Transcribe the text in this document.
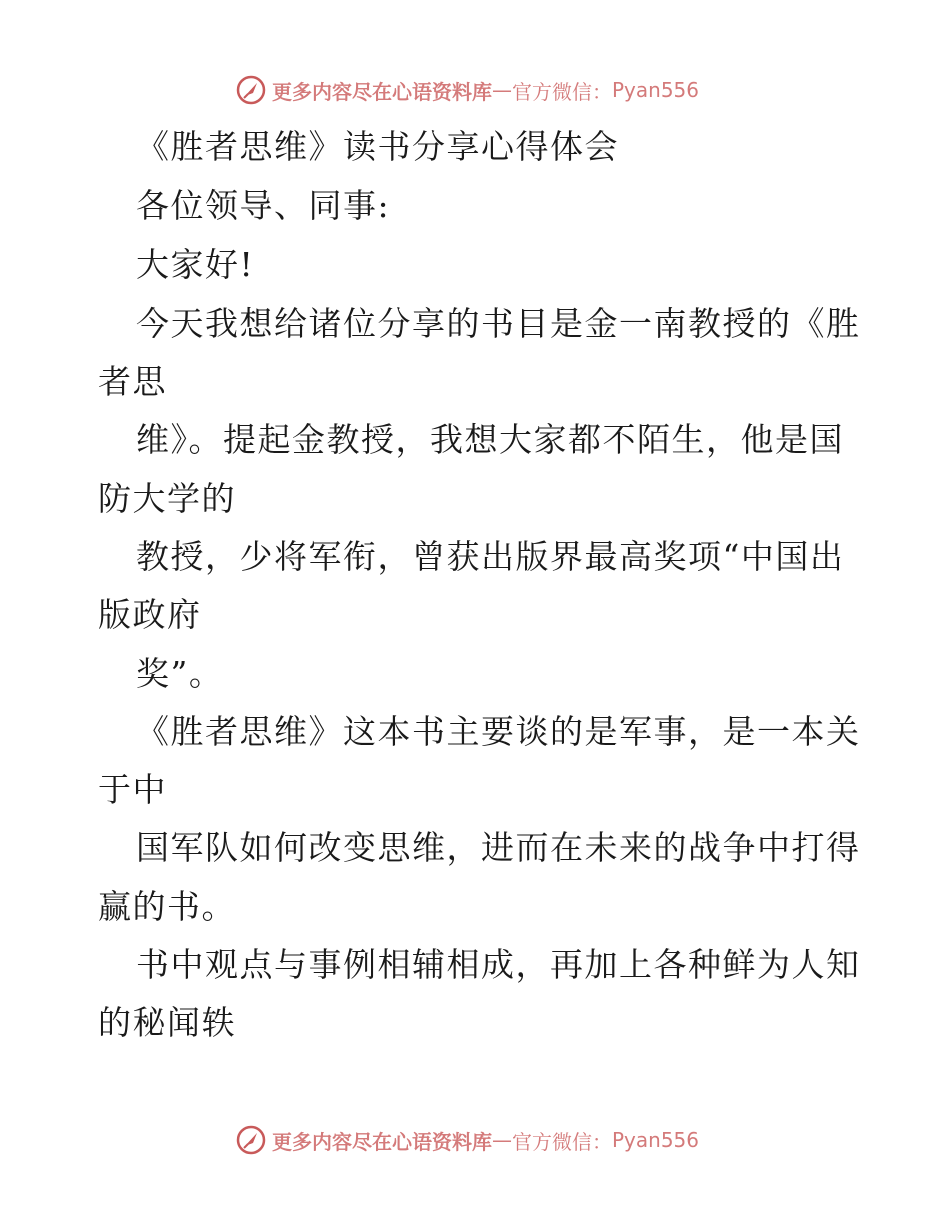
更多内容尽在心语资料库 — 官方微信： Pyan556
《胜者思维》读书分享心得体会
各位领导、同事:
大家好!
今天我想给诸位分享的书目是金一南教授的《胜
者思
维》。提起金教授，我想大家都不陌生，他是国
防大学的
教授，少将军衔，曾获出版界最高奖项“中国出
版政府
奖”。
《胜者思维》这本书主要谈的是军事，是一本关
于中
国军队如何改变思维，进而在未来的战争中打得
赢的书。
书中观点与事例相辅相成，再加上各种鲜为人知
的秘闻轶
更多内容尽在心语资料库 — 官方微信： Pyan556
